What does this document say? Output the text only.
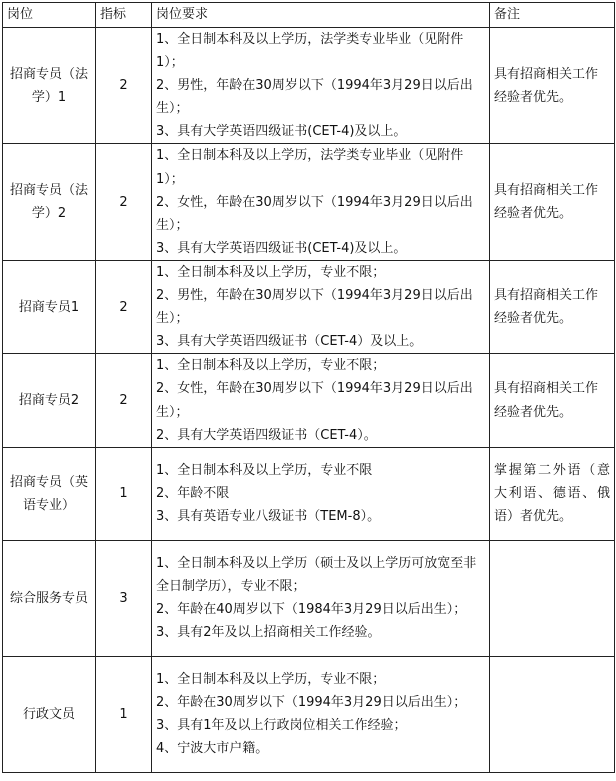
岗位	指标	岗位要求	备注
招商专员（法学）1	2	1、全日制本科及以上学历，法学类专业毕业（见附件1）；
2、男性，年龄在30周岁以下（1994年3月29日以后出生）；
3、具有大学英语四级证书(CET-4)及以上。	具有招商相关工作经验者优先。
招商专员（法学）2	2	1、全日制本科及以上学历，法学类专业毕业（见附件1）；
2、女性，年龄在30周岁以下（1994年3月29日以后出生）；
3、具有大学英语四级证书(CET-4)及以上。	具有招商相关工作经验者优先。
招商专员1	2	1、全日制本科及以上学历，专业不限；
2、男性，年龄在30周岁以下（1994年3月29日以后出生）；
3、具有大学英语四级证书（CET-4）及以上。	具有招商相关工作经验者优先。
招商专员2	2	1、全日制本科及以上学历，专业不限；
2、女性，年龄在30周岁以下（1994年3月29日以后出生）；
2、具有大学英语四级证书（CET-4）。	具有招商相关工作经验者优先。
招商专员（英语专业）	1	1、全日制本科及以上学历，专业不限
2、年龄不限
3、具有英语专业八级证书（TEM-8）。	掌握第二外语（意大利语、德语、俄语）者优先。
综合服务专员	3	1、全日制本科及以上学历（硕士及以上学历可放宽至非全日制学历），专业不限；
2、年龄在40周岁以下（1984年3月29日以后出生）；
3、具有2年及以上招商相关工作经验。	

行政文员	1	1、全日制本科及以上学历，专业不限；
2、年龄在30周岁以下（1994年3月29日以后出生）；
3、具有1年及以上行政岗位相关工作经验；
4、宁波大市户籍。	
